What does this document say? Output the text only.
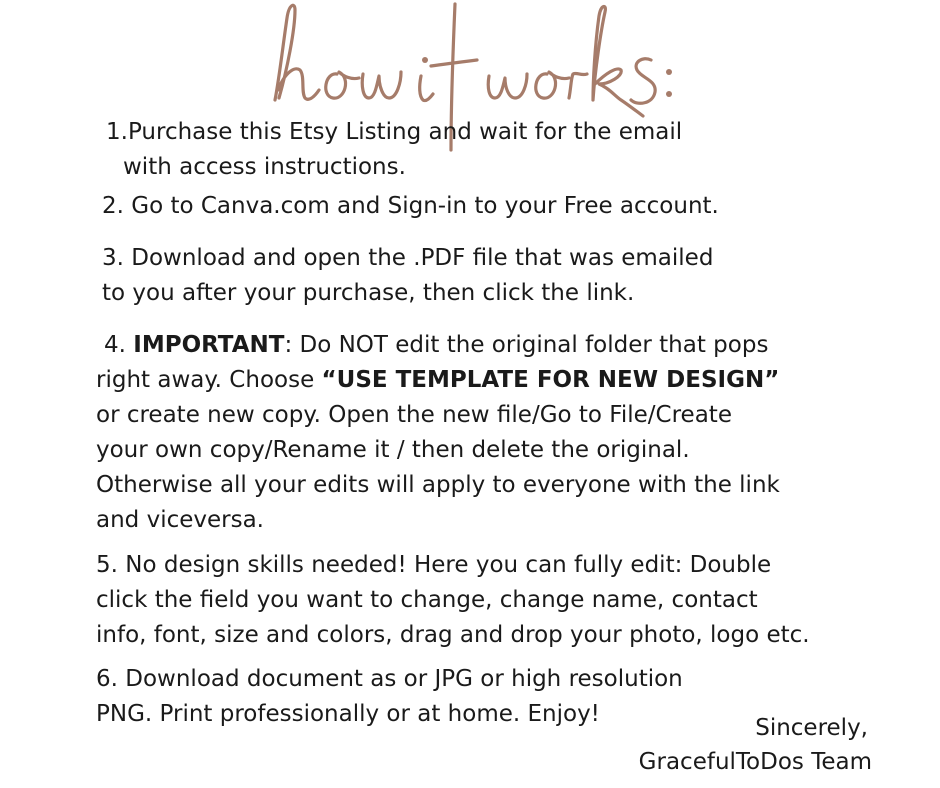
1.Purchase this Etsy Listing and wait for the email
with access instructions.
2. Go to Canva.com and Sign-in to your Free account.
3. Download and open the .PDF file that was emailed
to you after your purchase, then click the link.
4. IMPORTANT: Do NOT edit the original folder that pops
right away. Choose “USE TEMPLATE FOR NEW DESIGN”
or create new copy. Open the new file/Go to File/Create
your own copy/Rename it / then delete the original.
Otherwise all your edits will apply to everyone with the link
and viceversa.
5. No design skills needed! Here you can fully edit: Double
click the field you want to change, change name, contact
info, font, size and colors, drag and drop your photo, logo etc.
6. Download document as or JPG or high resolution
PNG. Print professionally or at home. Enjoy!
Sincerely,
GracefulToDos Team
